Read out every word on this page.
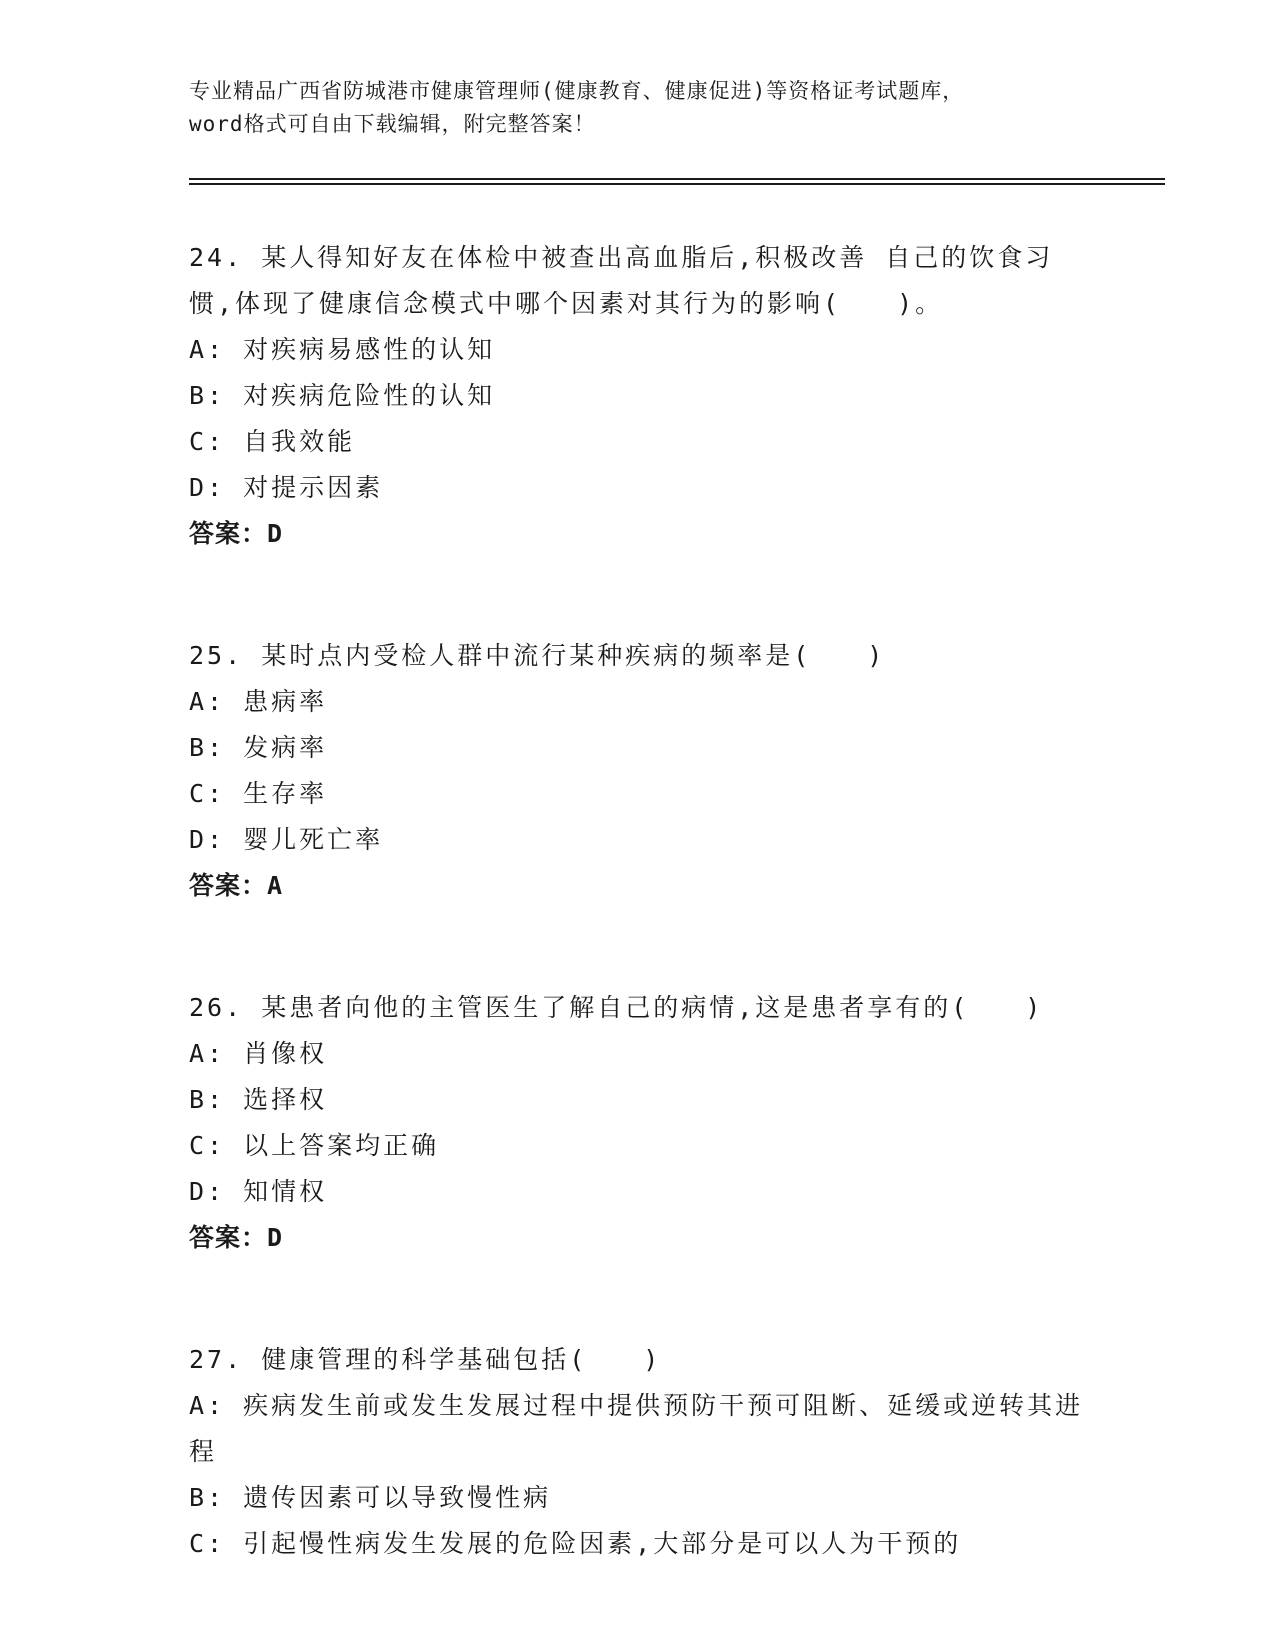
专业精品广西省防城港市健康管理师(健康教育、健康促进)等资格证考试题库，
word格式可自由下载编辑，附完整答案！
24. 某人得知好友在体检中被查出高血脂后,积极改善 自己的饮食习
惯,体现了健康信念模式中哪个因素对其行为的影响(　　)。
A: 对疾病易感性的认知
B: 对疾病危险性的认知
C: 自我效能
D: 对提示因素
答案：D
25. 某时点内受检人群中流行某种疾病的频率是(　　)
A: 患病率
B: 发病率
C: 生存率
D: 婴儿死亡率
答案：A
26. 某患者向他的主管医生了解自己的病情,这是患者享有的(　　)
A: 肖像权
B: 选择权
C: 以上答案均正确
D: 知情权
答案：D
27. 健康管理的科学基础包括(　　)
A: 疾病发生前或发生发展过程中提供预防干预可阻断、延缓或逆转其进程
B: 遗传因素可以导致慢性病
C: 引起慢性病发生发展的危险因素,大部分是可以人为干预的
